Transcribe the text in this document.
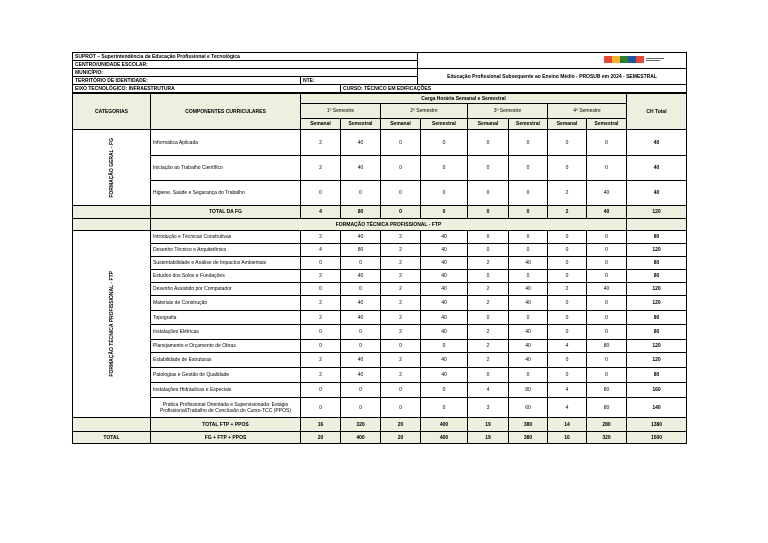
SUPROT – Superintendência da Educação Profissional e Tecnológica	
CENTRO/UNIDADE ESCOLAR:			
MUNICÍPIO:			Educação Profissional Subsequente ao Ensino Médio - PROSUB em 2024 - SEMESTRAL
TERRITÓRIO DE IDENTIDADE:	NTE:		
EIXO TECNOLÓGICO: INFRAESTRUTURA		CURSO: TÉCNICO EM EDIFICAÇÕES	
CATEGORIAS	COMPONENTES CURRICULARES	Carga Horária Semanal e Semestral								CH Total
		1º Semestre		2º Semestre		3º Semestre		4º Semestre		
		Semanal	Semestral	Semanal	Semestral	Semanal	Semestral	Semanal	Semestral	

FORMAÇÃO GERAL - FG	Informática Aplicada	2	40	0	0	0	0	0	0	40
	Iniciação ao Trabalho Científico	2	40	0	0	0	0	0	0	40
	Higiene, Saúde e Segurança do Trabalho	0	0	0	0	0	0	2	40	40
	TOTAL DA FG	4	80	0	0	0	0	2	40	120
	FORMAÇÃO TÉCNICA PROFISSIONAL - FTP									

FORMAÇÃO TÉCNICA PROFISSIONAL - FTP	Introdução e Técnicas Construtivas	2	40	2	40	0	0	0	0	80
	Desenho Técnico e Arquitetônico	4	80	2	40	0	0	0	0	120
	Sustentabilidade e Análise de Impactos Ambientais	0	0	2	40	2	40	0	0	80
	Estudos dos Solos e Fundações	2	40	2	40	0	0	0	0	80
	Desenho Assistido por Computador	0	0	2	40	2	40	2	40	120
	Materiais de Construção	2	40	2	40	2	40	0	0	120
	Topografia	2	40	2	40	0	0	0	0	80
	Instalações Elétricas	0	0	2	40	2	40	0	0	80
	Planejamento e Orçamento de Obras	0	0	0	0	2	40	4	80	120
	Estabilidade de Estruturas	2	40	2	40	2	40	0	0	120
	Patologias e Gestão de Qualidade	2	40	2	40	0	0	0	0	80
	Instalações Hidráulicas e Especiais	0	0	0	0	4	80	4	80	160

	Prática Profissional Orientada e Supervisionada: Estágio
Profissional/Trabalho de Conclusão do Curso-TCC (PPOS)	0	0	0	0	3	60	4	80	140
	TOTAL FTP + PPOS	16	320	20	400	19	380	14	280	1380
TOTAL	FG + FTP + PPOS	20	400	20	400	19	380	16	320	1500
